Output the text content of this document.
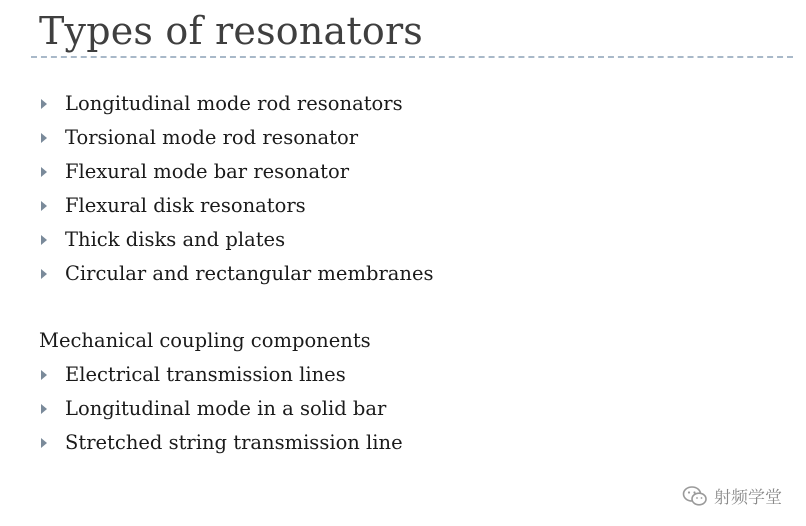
Types of resonators
Longitudinal mode rod resonators
Torsional mode rod resonator
Flexural mode bar resonator
Flexural disk resonators
Thick disks and plates
Circular and rectangular membranes
Mechanical coupling components
Electrical transmission lines
Longitudinal mode in a solid bar
Stretched string transmission line
射频学堂
